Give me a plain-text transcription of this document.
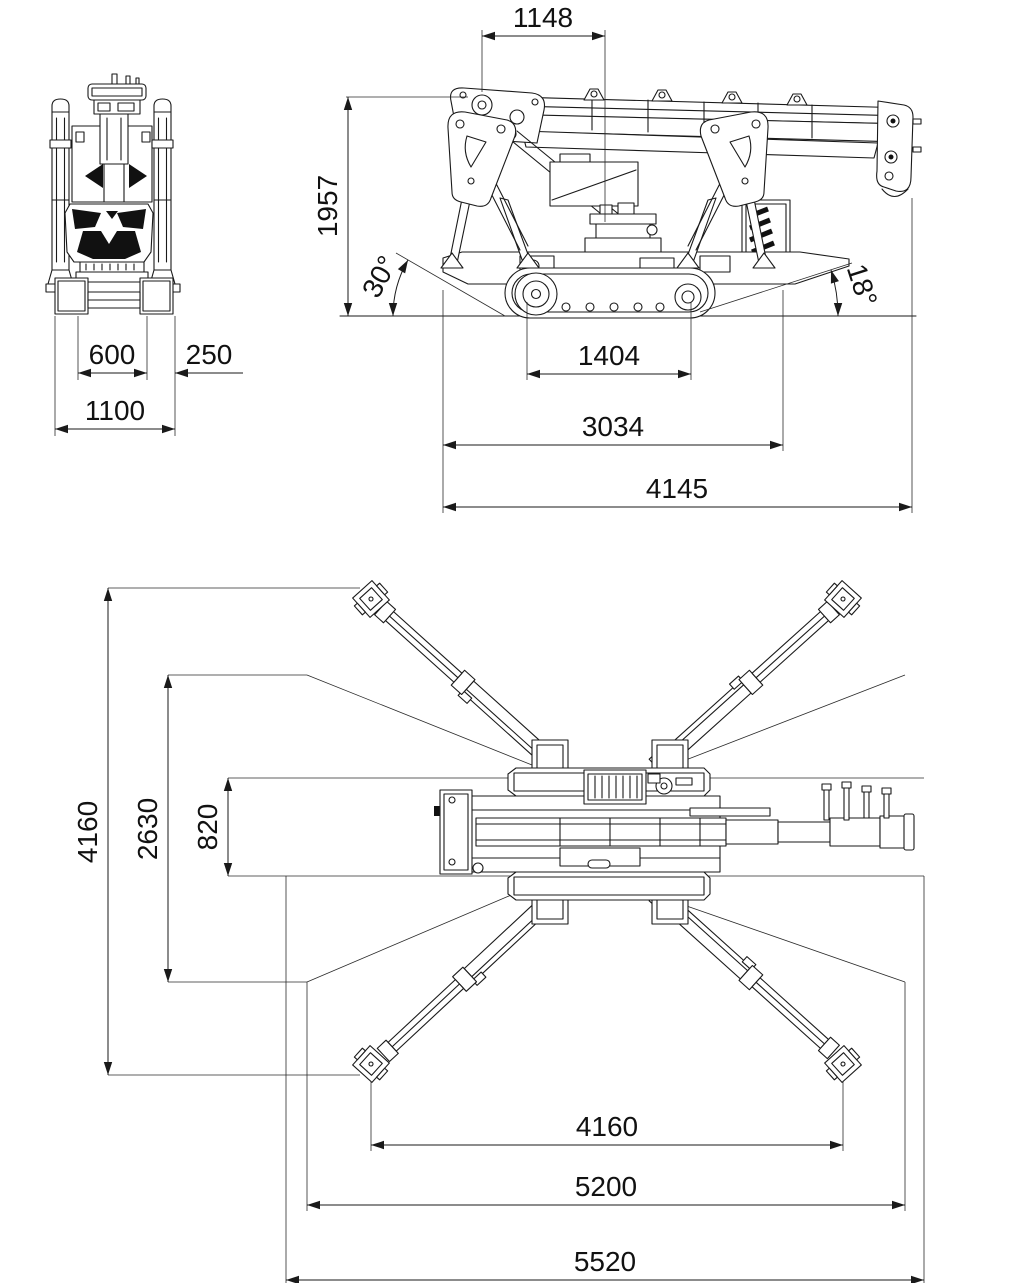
600 250
1100
1148
1957
30°	18°
1404
3034
4145
4160 2630 820
4160
5200
5520
